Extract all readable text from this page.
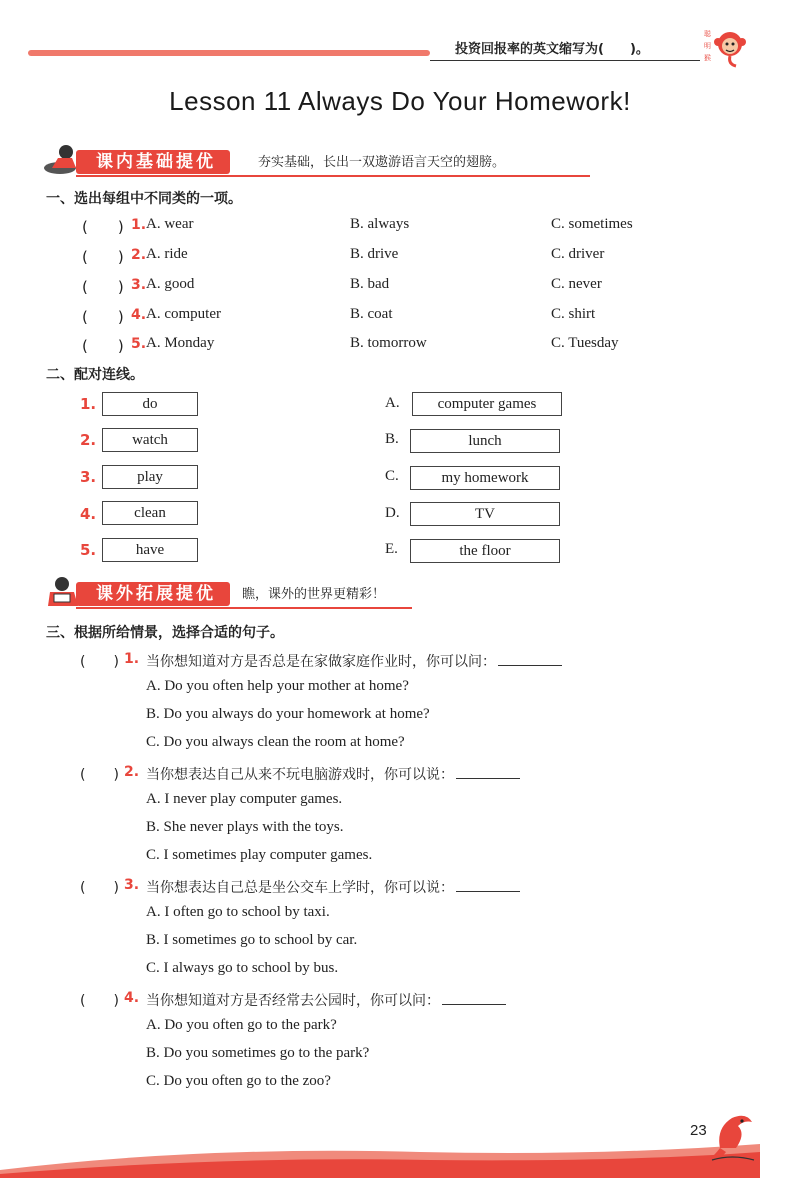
投资回报率的英文缩写为(　　)。
聪
明
猴
Lesson 11 Always Do Your Homework!
课内基础提优	夯实基础，长出一双遨游语言天空的翅膀。
一、选出每组中不同类的一项。
(　　) 1. A. wear	B. always	C. sometimes
(　　) 2. A. ride	B. drive	C. driver
(　　) 3. A. good	B. bad	C. never
(　　) 4. A. computer	B. coat	C. shirt
(　　) 5. A. Monday	B. tomorrow	C. Tuesday
二、配对连线。
1.	do	A.	computer games
2.	watch	B.	lunch
3.	play	C.	my homework
4.	clean	D.	TV
5.	have	E.	the floor
课外拓展提优	瞧，课外的世界更精彩！
三、根据所给情景，选择合适的句子。
(　　) 1. 当你想知道对方是否总是在家做家庭作业时，你可以问：
A. Do you often help your mother at home?
B. Do you always do your homework at home?
C. Do you always clean the room at home?
(　　) 2. 当你想表达自己从来不玩电脑游戏时，你可以说：
A. I never play computer games.
B. She never plays with the toys.
C. I sometimes play computer games.
(　　) 3. 当你想表达自己总是坐公交车上学时，你可以说：
A. I often go to school by taxi.
B. I sometimes go to school by car.
C. I always go to school by bus.
(　　) 4. 当你想知道对方是否经常去公园时，你可以问：
A. Do you often go to the park?
B. Do you sometimes go to the park?
C. Do you often go to the zoo?
23
